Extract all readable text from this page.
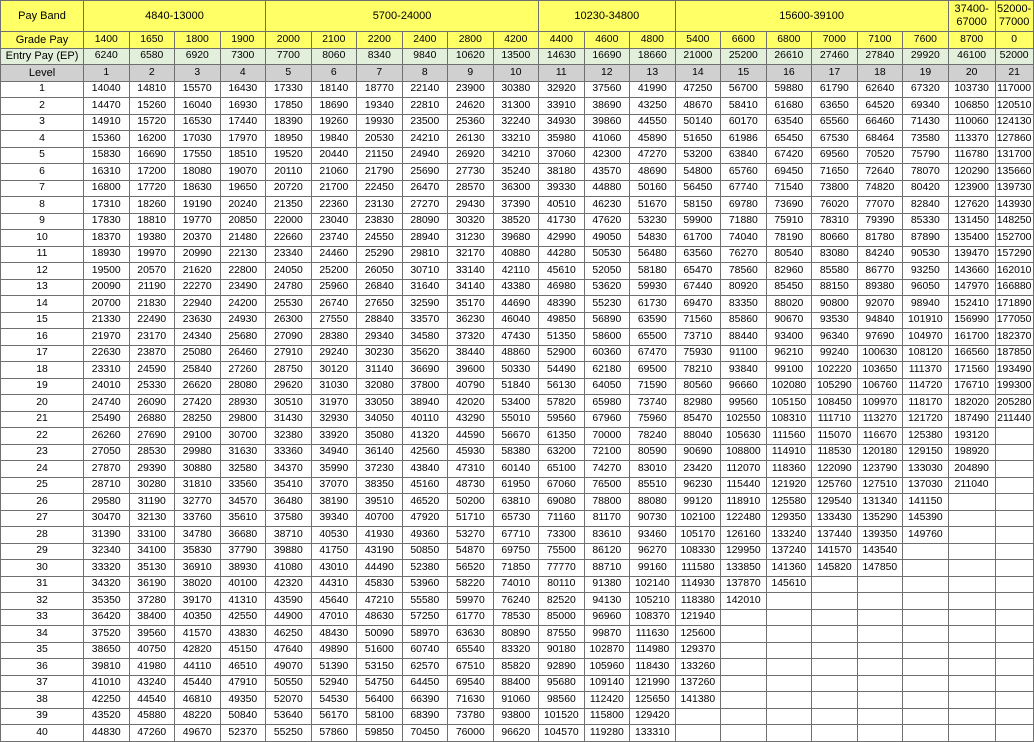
Pay Band	4840-13000				5700-24000						10230-34800			15600-39100						37400-67000	52000-77000
Grade Pay	1400	1650	1800	1900	2000	2100	2200	2400	2800	4200	4400	4600	4800	5400	6600	6800	7000	7100	7600	8700	0
Entry Pay (EP)	6240	6580	6920	7300	7700	8060	8340	9840	10620	13500	14630	16690	18660	21000	25200	26610	27460	27840	29920	46100	52000
Level	1	2	3	4	5	6	7	8	9	10	11	12	13	14	15	16	17	18	19	20	21
1	14040	14810	15570	16430	17330	18140	18770	22140	23900	30380	32920	37560	41990	47250	56700	59880	61790	62640	67320	103730	117000
2	14470	15260	16040	16930	17850	18690	19340	22810	24620	31300	33910	38690	43250	48670	58410	61680	63650	64520	69340	106850	120510
3	14910	15720	16530	17440	18390	19260	19930	23500	25360	32240	34930	39860	44550	50140	60170	63540	65560	66460	71430	110060	124130
4	15360	16200	17030	17970	18950	19840	20530	24210	26130	33210	35980	41060	45890	51650	61986	65450	67530	68464	73580	113370	127860
5	15830	16690	17550	18510	19520	20440	21150	24940	26920	34210	37060	42300	47270	53200	63840	67420	69560	70520	75790	116780	131700
6	16310	17200	18080	19070	20110	21060	21790	25690	27730	35240	38180	43570	48690	54800	65760	69450	71650	72640	78070	120290	135660
7	16800	17720	18630	19650	20720	21700	22450	26470	28570	36300	39330	44880	50160	56450	67740	71540	73800	74820	80420	123900	139730
8	17310	18260	19190	20240	21350	22360	23130	27270	29430	37390	40510	46230	51670	58150	69780	73690	76020	77070	82840	127620	143930
9	17830	18810	19770	20850	22000	23040	23830	28090	30320	38520	41730	47620	53230	59900	71880	75910	78310	79390	85330	131450	148250
10	18370	19380	20370	21480	22660	23740	24550	28940	31230	39680	42990	49050	54830	61700	74040	78190	80660	81780	87890	135400	152700
11	18930	19970	20990	22130	23340	24460	25290	29810	32170	40880	44280	50530	56480	63560	76270	80540	83080	84240	90530	139470	157290
12	19500	20570	21620	22800	24050	25200	26050	30710	33140	42110	45610	52050	58180	65470	78560	82960	85580	86770	93250	143660	162010
13	20090	21190	22270	23490	24780	25960	26840	31640	34140	43380	46980	53620	59930	67440	80920	85450	88150	89380	96050	147970	166880
14	20700	21830	22940	24200	25530	26740	27650	32590	35170	44690	48390	55230	61730	69470	83350	88020	90800	92070	98940	152410	171890
15	21330	22490	23630	24930	26300	27550	28840	33570	36230	46040	49850	56890	63590	71560	85860	90670	93530	94840	101910	156990	177050
16	21970	23170	24340	25680	27090	28380	29340	34580	37320	47430	51350	58600	65500	73710	88440	93400	96340	97690	104970	161700	182370
17	22630	23870	25080	26460	27910	29240	30230	35620	38440	48860	52900	60360	67470	75930	91100	96210	99240	100630	108120	166560	187850
18	23310	24590	25840	27260	28750	30120	31140	36690	39600	50330	54490	62180	69500	78210	93840	99100	102220	103650	111370	171560	193490
19	24010	25330	26620	28080	29620	31030	32080	37800	40790	51840	56130	64050	71590	80560	96660	102080	105290	106760	114720	176710	199300
20	24740	26090	27420	28930	30510	31970	33050	38940	42020	53400	57820	65980	73740	82980	99560	105150	108450	109970	118170	182020	205280
21	25490	26880	28250	29800	31430	32930	34050	40110	43290	55010	59560	67960	75960	85470	102550	108310	111710	113270	121720	187490	211440
22	26260	27690	29100	30700	32380	33920	35080	41320	44590	56670	61350	70000	78240	88040	105630	111560	115070	116670	125380	193120	
23	27050	28530	29980	31630	33360	34940	36140	42560	45930	58380	63200	72100	80590	90690	108800	114910	118530	120180	129150	198920	
24	27870	29390	30880	32580	34370	35990	37230	43840	47310	60140	65100	74270	83010	23420	112070	118360	122090	123790	133030	204890	
25	28710	30280	31810	33560	35410	37070	38350	45160	48730	61950	67060	76500	85510	96230	115440	121920	125760	127510	137030	211040	
26	29580	31190	32770	34570	36480	38190	39510	46520	50200	63810	69080	78800	88080	99120	118910	125580	129540	131340	141150		
27	30470	32130	33760	35610	37580	39340	40700	47920	51710	65730	71160	81170	90730	102100	122480	129350	133430	135290	145390		
28	31390	33100	34780	36680	38710	40530	41930	49360	53270	67710	73300	83610	93460	105170	126160	133240	137440	139350	149760		
29	32340	34100	35830	37790	39880	41750	43190	50850	54870	69750	75500	86120	96270	108330	129950	137240	141570	143540			
30	33320	35130	36910	38930	41080	43010	44490	52380	56520	71850	77770	88710	99160	111580	133850	141360	145820	147850			
31	34320	36190	38020	40100	42320	44310	45830	53960	58220	74010	80110	91380	102140	114930	137870	145610					
32	35350	37280	39170	41310	43590	45640	47210	55580	59970	76240	82520	94130	105210	118380	142010						
33	36420	38400	40350	42550	44900	47010	48630	57250	61770	78530	85000	96960	108370	121940							
34	37520	39560	41570	43830	46250	48430	50090	58970	63630	80890	87550	99870	111630	125600							
35	38650	40750	42820	45150	47640	49890	51600	60740	65540	83320	90180	102870	114980	129370							
36	39810	41980	44110	46510	49070	51390	53150	62570	67510	85820	92890	105960	118430	133260							
37	41010	43240	45440	47910	50550	52940	54750	64450	69540	88400	95680	109140	121990	137260							
38	42250	44540	46810	49350	52070	54530	56400	66390	71630	91060	98560	112420	125650	141380							
39	43520	45880	48220	50840	53640	56170	58100	68390	73780	93800	101520	115800	129420								
40	44830	47260	49670	52370	55250	57860	59850	70450	76000	96620	104570	119280	133310								
